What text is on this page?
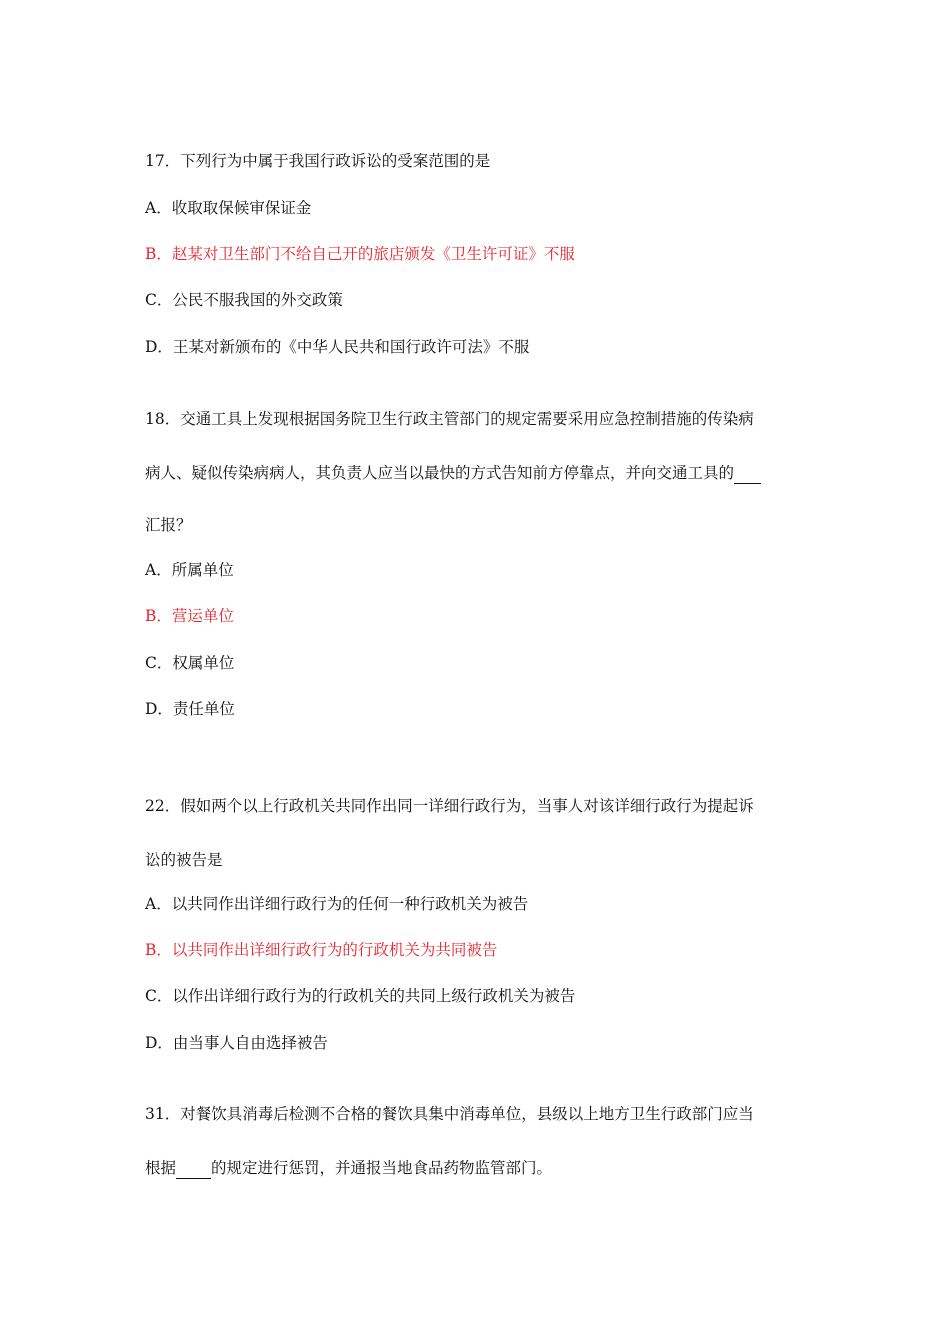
17．下列行为中属于我国行政诉讼的受案范围的是
A．收取取保候审保证金
B．赵某对卫生部门不给自己开的旅店颁发《卫生许可证》不服
C．公民不服我国的外交政策
D．王某对新颁布的《中华人民共和国行政许可法》不服
18．交通工具上发现根据国务院卫生行政主管部门的规定需要采用应急控制措施的传染病
病人、疑似传染病病人，其负责人应当以最快的方式告知前方停靠点，并向交通工具的
汇报？
A．所属单位
B．营运单位
C．权属单位
D．责任单位
22．假如两个以上行政机关共同作出同一详细行政行为，当事人对该详细行政行为提起诉
讼的被告是
A．以共同作出详细行政行为的任何一种行政机关为被告
B．以共同作出详细行政行为的行政机关为共同被告
C．以作出详细行政行为的行政机关的共同上级行政机关为被告
D．由当事人自由选择被告
31．对餐饮具消毒后检测不合格的餐饮具集中消毒单位，县级以上地方卫生行政部门应当
根据 的规定进行惩罚，并通报当地食品药物监管部门。
